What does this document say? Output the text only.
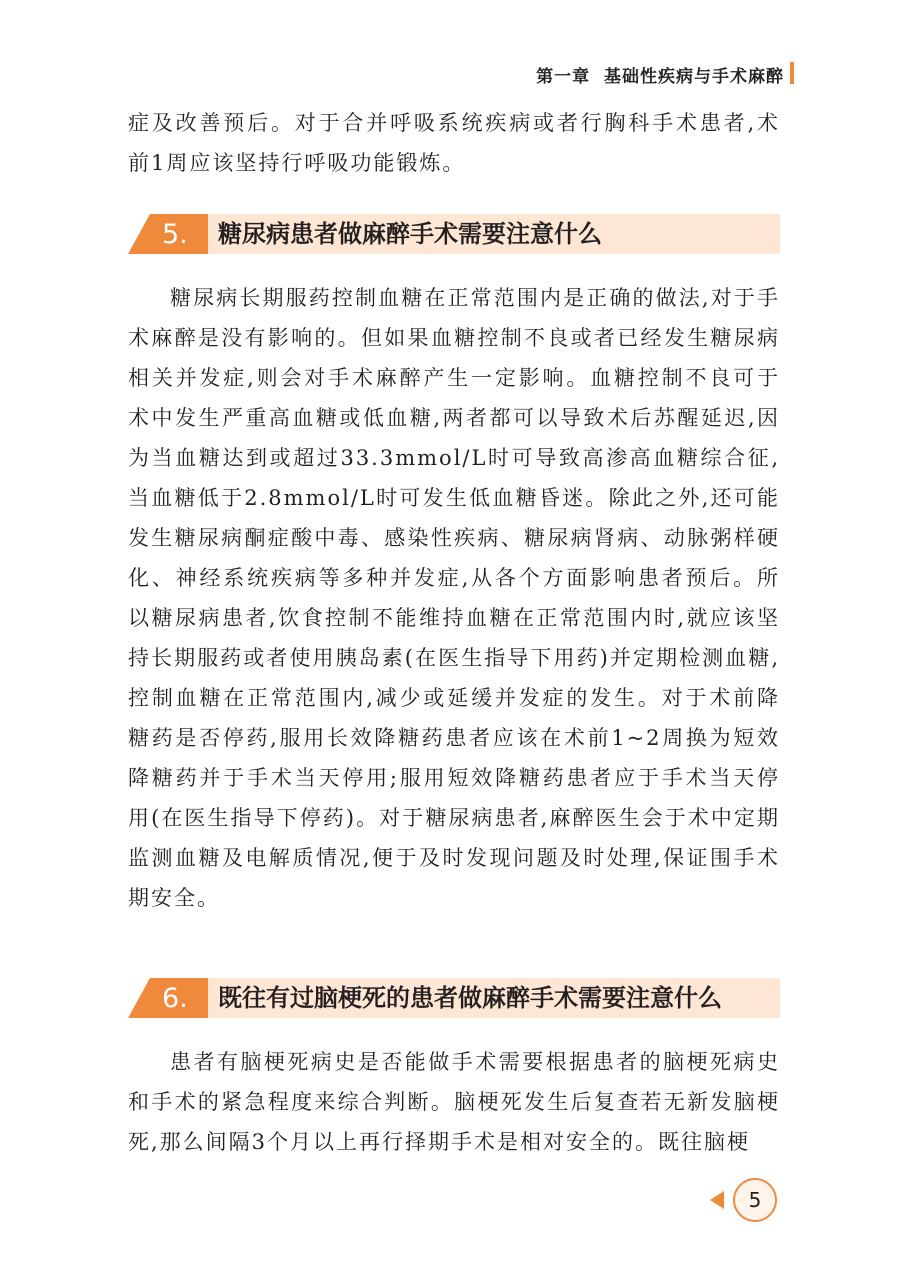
第一章  基础性疾病与手术麻醉

症及改善预后。对于合并呼吸系统疾病或者行胸科手术患者,术前1周应该坚持行呼吸功能锻炼。

5. 糖尿病患者做麻醉手术需要注意什么

糖尿病长期服药控制血糖在正常范围内是正确的做法,对于手术麻醉是没有影响的。但如果血糖控制不良或者已经发生糖尿病相关并发症,则会对手术麻醉产生一定影响。血糖控制不良可于术中发生严重高血糖或低血糖,两者都可以导致术后苏醒延迟,因为当血糖达到或超过33.3mmol/L时可导致高渗高血糖综合征,当血糖低于2.8mmol/L时可发生低血糖昏迷。除此之外,还可能发生糖尿病酮症酸中毒、感染性疾病、糖尿病肾病、动脉粥样硬化、神经系统疾病等多种并发症,从各个方面影响患者预后。所以糖尿病患者,饮食控制不能维持血糖在正常范围内时,就应该坚持长期服药或者使用胰岛素(在医生指导下用药)并定期检测血糖,控制血糖在正常范围内,减少或延缓并发症的发生。对于术前降糖药是否停药,服用长效降糖药患者应该在术前1~2周换为短效降糖药并于手术当天停用;服用短效降糖药患者应于手术当天停用(在医生指导下停药)。对于糖尿病患者,麻醉医生会于术中定期监测血糖及电解质情况,便于及时发现问题及时处理,保证围手术期安全。

6. 既往有过脑梗死的患者做麻醉手术需要注意什么

患者有脑梗死病史是否能做手术需要根据患者的脑梗死病史和手术的紧急程度来综合判断。脑梗死发生后复查若无新发脑梗死,那么间隔3个月以上再行择期手术是相对安全的。既往脑梗

5
